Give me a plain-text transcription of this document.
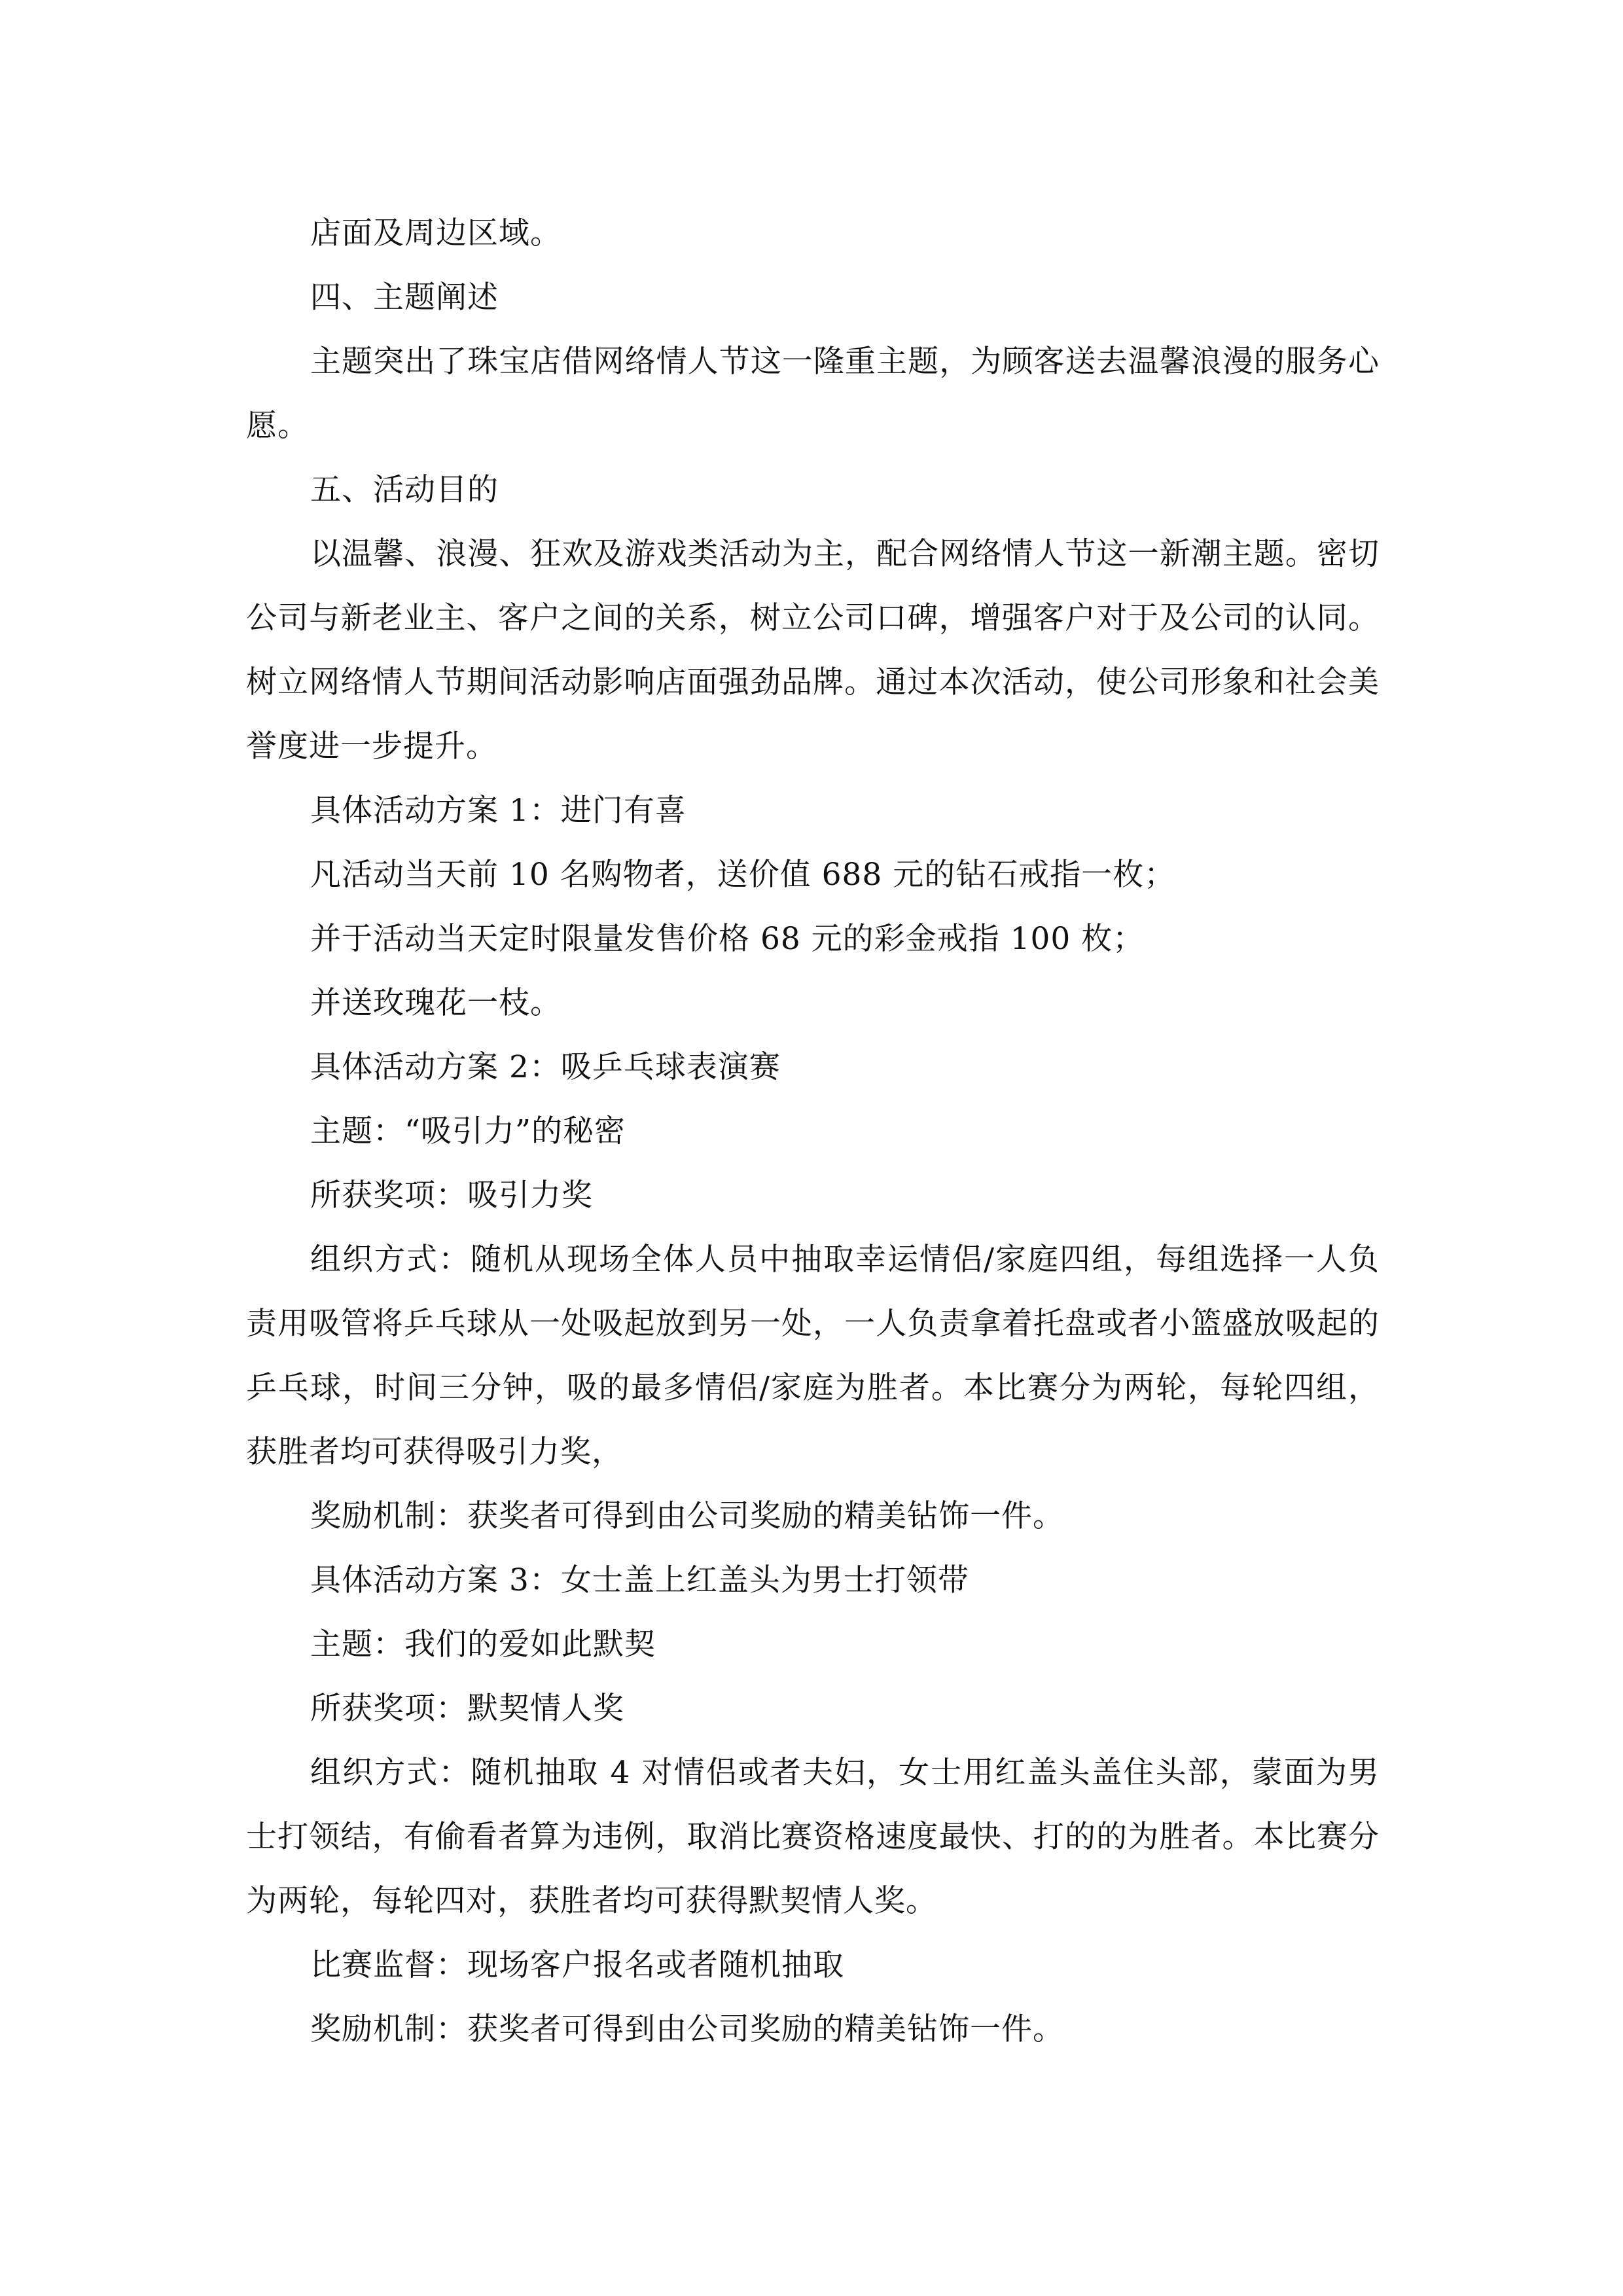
店面及周边区域。

四、主题阐述

主题突出了珠宝店借网络情人节这一隆重主题，为顾客送去温馨浪漫的服务心愿。

五、活动目的

以温馨、浪漫、狂欢及游戏类活动为主，配合网络情人节这一新潮主题。密切公司与新老业主、客户之间的关系，树立公司口碑，增强客户对于及公司的认同。树立网络情人节期间活动影响店面强劲品牌。通过本次活动，使公司形象和社会美誉度进一步提升。

具体活动方案 1：进门有喜

凡活动当天前 10 名购物者，送价值 688 元的钻石戒指一枚；

并于活动当天定时限量发售价格 68 元的彩金戒指 100 枚；

并送玫瑰花一枝。

具体活动方案 2：吸乒乓球表演赛

主题：“吸引力”的秘密

所获奖项：吸引力奖

组织方式：随机从现场全体人员中抽取幸运情侣/家庭四组，每组选择一人负责用吸管将乒乓球从一处吸起放到另一处，一人负责拿着托盘或者小篮盛放吸起的乒乓球，时间三分钟，吸的最多情侣/家庭为胜者。本比赛分为两轮，每轮四组，获胜者均可获得吸引力奖，

奖励机制：获奖者可得到由公司奖励的精美钻饰一件。

具体活动方案 3：女士盖上红盖头为男士打领带

主题：我们的爱如此默契

所获奖项：默契情人奖

组织方式：随机抽取 4 对情侣或者夫妇，女士用红盖头盖住头部，蒙面为男士打领结，有偷看者算为违例，取消比赛资格速度最快、打的的为胜者。本比赛分为两轮，每轮四对，获胜者均可获得默契情人奖。

比赛监督：现场客户报名或者随机抽取

奖励机制：获奖者可得到由公司奖励的精美钻饰一件。
